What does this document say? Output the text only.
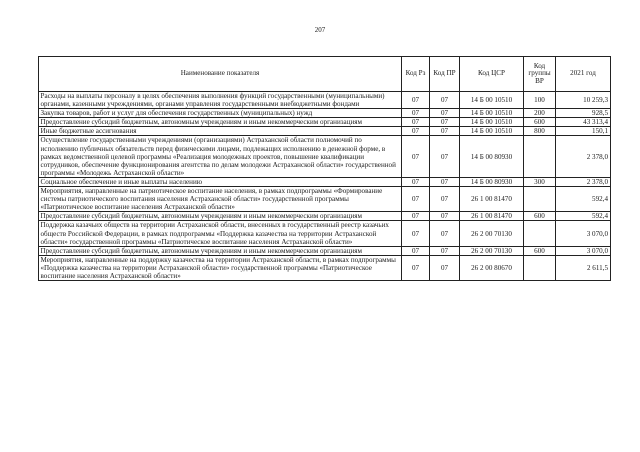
207
Наименование показателя	Код Рз	Код ПР	Код ЦСР	Код группы ВР	2021 год
Расходы на выплаты персоналу в целях обеспечения выполнения функций государственными (муниципальными) органами, казенными учреждениями, органами управления государственными внебюджетными фондами	07	07	14 Б 00 10510	100	10 259,3
Закупка товаров, работ и услуг для обеспечения государственных (муниципальных) нужд	07	07	14 Б 00 10510	200	928,5
Предоставление субсидий бюджетным, автономным учреждениям и иным некоммерческим организациям	07	07	14 Б 00 10510	600	43 313,4
Иные бюджетные ассигнования	07	07	14 Б 00 10510	800	150,1
Осуществление государственными учреждениями (организациями) Астраханской области полномочий по исполнению публичных обязательств перед физическими лицами, подлежащих исполнению в денежной форме, в рамках ведомственной целевой программы «Реализация молодежных проектов, повышение квалификации сотрудников, обеспечение функционирования агентства по делам молодежи Астраханской области» государственной программы «Молодежь Астраханской области»	07	07	14 Б 00 80930		2 378,0
Социальное обеспечение и иные выплаты населению	07	07	14 Б 00 80930	300	2 378,0
Мероприятия, направленные на патриотическое воспитание населения, в рамках подпрограммы «Формирование системы патриотического воспитания населения Астраханской области» государственной программы «Патриотическое воспитание населения Астраханской области»	07	07	26 1 00 81470		592,4
Предоставление субсидий бюджетным, автономным учреждениям и иным некоммерческим организациям	07	07	26 1 00 81470	600	592,4
Поддержка казачьих обществ на территории Астраханской области, внесенных в государственный реестр казачьих обществ Российской Федерации, в рамках подпрограммы «Поддержка казачества на территории Астраханской области» государственной программы «Патриотическое воспитание населения Астраханской области»	07	07	26 2 00 70130		3 070,0
Предоставление субсидий бюджетным, автономным учреждениям и иным некоммерческим организациям	07	07	26 2 00 70130	600	3 070,0
Мероприятия, направленные на поддержку казачества на территории Астраханской области, в рамках подпрограммы «Поддержка казачества на территории Астраханской области» государственной программы «Патриотическое воспитание населения Астраханской области»	07	07	26 2 00 80670		2 611,5
